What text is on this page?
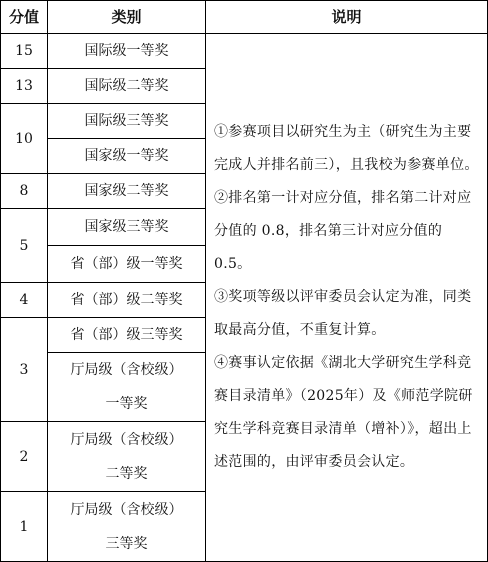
分值	类别	说明
15	国际级一等奖	①参赛项目以研究生为主（研究生为主要完成人并排名前三），且我校为参赛单位。

②排名第一计对应分值，排名第二计对应分值的 0.8，排名第三计对应分值的 0.5。

③奖项等级以评审委员会认定为准，同类取最高分值，不重复计算。

④赛事认定依据《湖北大学研究生学科竞赛目录清单》（2025年）及《师范学院研究生学科竞赛目录清单（增补）》，超出上述范围的，由评审委员会认定。

13	国际级二等奖	
10	国际级三等奖	
	国家级一等奖	
8	国家级二等奖	
5	国家级三等奖	
	省（部）级一等奖	
4	省（部）级二等奖	
3	省（部）级三等奖	

	厅局级（含校级）
一等奖	

2	厅局级（含校级）
二等奖	

1	厅局级（含校级）
三等奖	
